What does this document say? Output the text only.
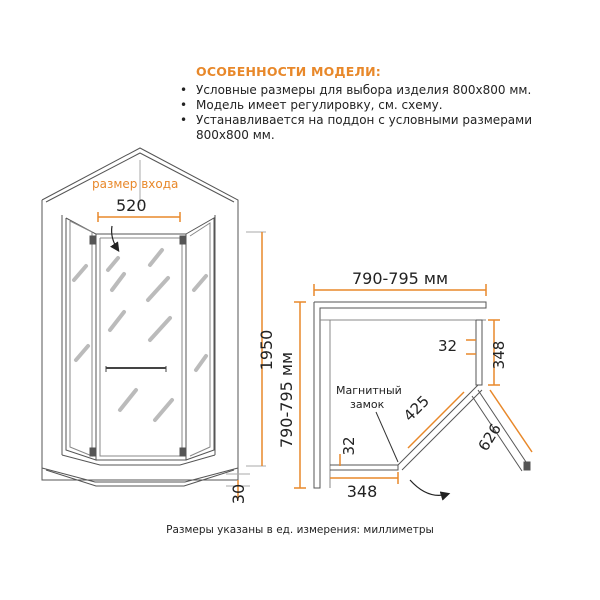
ОСОБЕННОСТИ МОДЕЛИ:
• Условные размеры для выбора изделия 800x800 мм.
• Модель имеет регулировку, см. схему.
• Устанавливается на поддон с условными размерами 800x800 мм.
размер входа
520
1950
30
790-795 мм
790-795 мм
32 348
425
626
32
348
Магнитный
замок
Размеры указаны в ед. измерения: миллиметры
